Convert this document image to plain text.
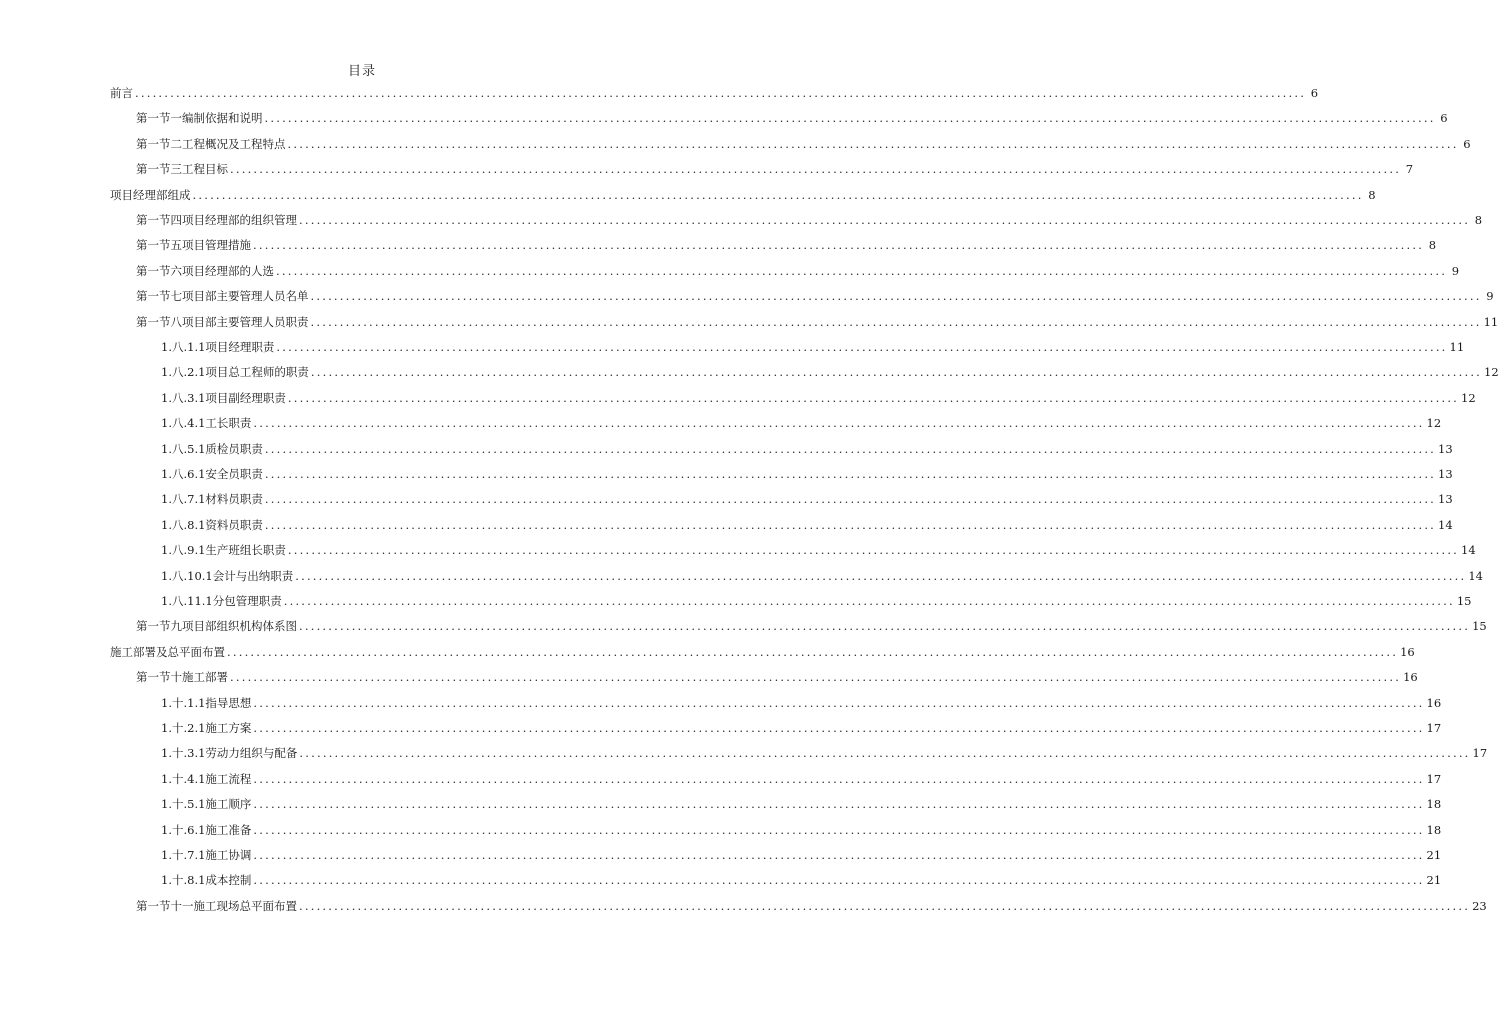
目录
前言 ........................................................................................................................................................................................................ 6
第一节一 编制依据和说明 ........................................................................................................................................................................................................ 6
第一节二 工程概况及工程特点 ........................................................................................................................................................................................................ 6
第一节三 工程目标 ........................................................................................................................................................................................................ 7
项目经理部组成 ........................................................................................................................................................................................................ 8
第一节四 项目经理部的组织管理 ........................................................................................................................................................................................................ 8
第一节五 项目管理措施 ........................................................................................................................................................................................................ 8
第一节六 项目经理部的人选 ........................................................................................................................................................................................................ 9
第一节七 项目部主要管理人员名单 ........................................................................................................................................................................................................ 9
第一节八 项目部主要管理人员职责 ........................................................................................................................................................................................................ 11
1.八.1.1 项目经理职责 ........................................................................................................................................................................................................ 11
1.八.2.1 项目总工程师的职责 ........................................................................................................................................................................................................ 12
1.八.3.1 项目副经理职责 ........................................................................................................................................................................................................ 12
1.八.4.1 工长职责 ........................................................................................................................................................................................................ 12
1.八.5.1 质检员职责 ........................................................................................................................................................................................................ 13
1.八.6.1 安全员职责 ........................................................................................................................................................................................................ 13
1.八.7.1 材料员职责 ........................................................................................................................................................................................................ 13
1.八.8.1 资料员职责 ........................................................................................................................................................................................................ 14
1.八.9.1 生产班组长职责 ........................................................................................................................................................................................................ 14
1.八.10.1 会计与出纳职责 ........................................................................................................................................................................................................ 14
1.八.11.1 分包管理职责 ........................................................................................................................................................................................................ 15
第一节九 项目部组织机构体系图 ........................................................................................................................................................................................................ 15
施工部署及总平面布置 ........................................................................................................................................................................................................ 16
第一节十 施工部署 ........................................................................................................................................................................................................ 16
1.十.1.1 指导思想 ........................................................................................................................................................................................................ 16
1.十.2.1 施工方案 ........................................................................................................................................................................................................ 17
1.十.3.1 劳动力组织与配备 ........................................................................................................................................................................................................ 17
1.十.4.1 施工流程 ........................................................................................................................................................................................................ 17
1.十.5.1 施工顺序 ........................................................................................................................................................................................................ 18
1.十.6.1 施工准备 ........................................................................................................................................................................................................ 18
1.十.7.1 施工协调 ........................................................................................................................................................................................................ 21
1.十.8.1 成本控制 ........................................................................................................................................................................................................ 21
第一节十一 施工现场总平面布置 ........................................................................................................................................................................................................ 23
